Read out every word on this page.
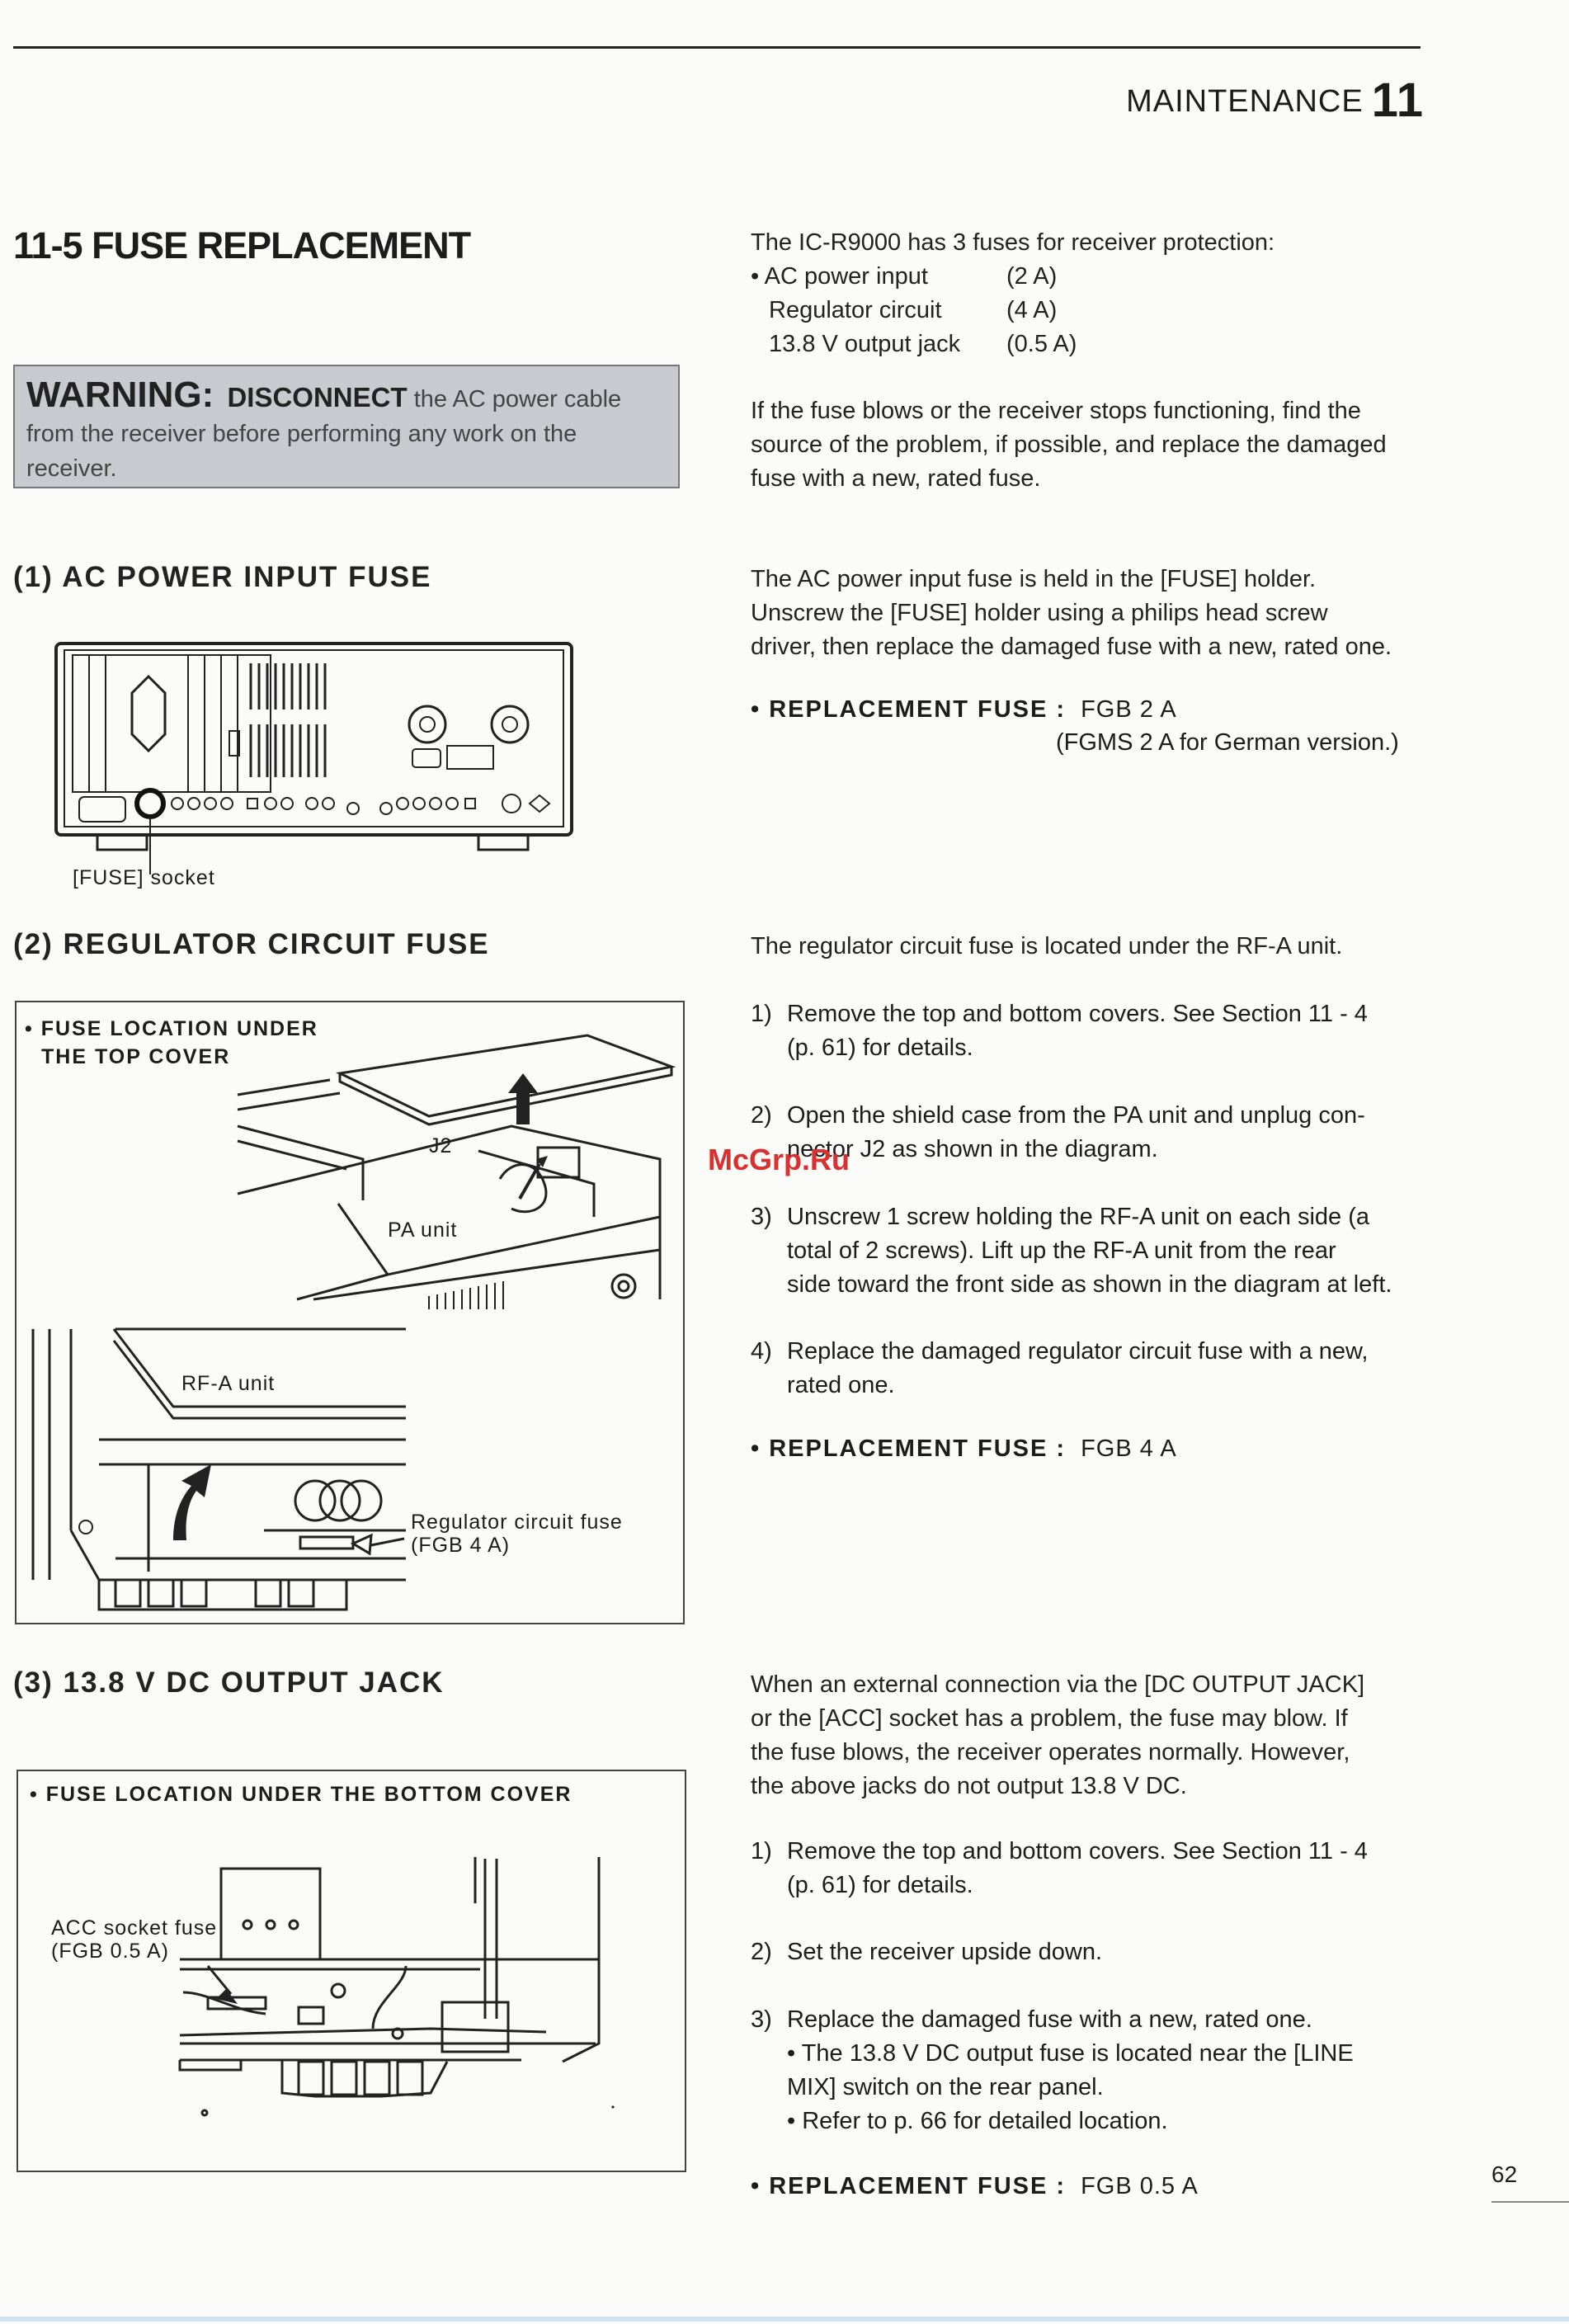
MAINTENANCE 11
11-5 FUSE REPLACEMENT
WARNING: DISCONNECT the AC power cable
from the receiver before performing any work on the
receiver.
The IC-R9000 has 3 fuses for receiver protection:
• AC power input	(2 A)
Regulator circuit	(4 A)
13.8 V output jack (0.5 A)
If the fuse blows or the receiver stops functioning, find the
source of the problem, if possible, and replace the damaged
fuse with a new, rated fuse.
(1) AC POWER INPUT FUSE	The AC power input fuse is held in the [FUSE] holder.
Unscrew the [FUSE] holder using a philips head screw
driver, then replace the damaged fuse with a new, rated one.
• REPLACEMENT FUSE : FGB 2 A
(FGMS 2 A for German version.)
[FUSE] socket
(2) REGULATOR CIRCUIT FUSE	The regulator circuit fuse is located under the RF-A unit.
1) Remove the top and bottom covers. See Section 11 - 4
(p. 61) for details.
2) Open the shield case from the PA unit and unplug con-
nector J2 as shown in the diagram.
3) Unscrew 1 screw holding the RF-A unit on each side (a
total of 2 screws). Lift up the RF-A unit from the rear
side toward the front side as shown in the diagram at left.
4) Replace the damaged regulator circuit fuse with a new,
rated one.
• REPLACEMENT FUSE : FGB 4 A
• FUSE LOCATION UNDER
THE TOP COVER
J2
PA unit
RF-A unit
Regulator circuit fuse
(FGB 4 A)
McGrp.Ru
(3) 13.8 V DC OUTPUT JACK	When an external connection via the [DC OUTPUT JACK]
or the [ACC] socket has a problem, the fuse may blow. If
the fuse blows, the receiver operates normally. However,
the above jacks do not output 13.8 V DC.
1) Remove the top and bottom covers. See Section 11 - 4
(p. 61) for details.
2) Set the receiver upside down.
3) Replace the damaged fuse with a new, rated one.
• The 13.8 V DC output fuse is located near the [LINE
MIX] switch on the rear panel.
• Refer to p. 66 for detailed location.
• REPLACEMENT FUSE : FGB 0.5 A
• FUSE LOCATION UNDER THE BOTTOM COVER
ACC socket fuse
(FGB 0.5 A)
62
